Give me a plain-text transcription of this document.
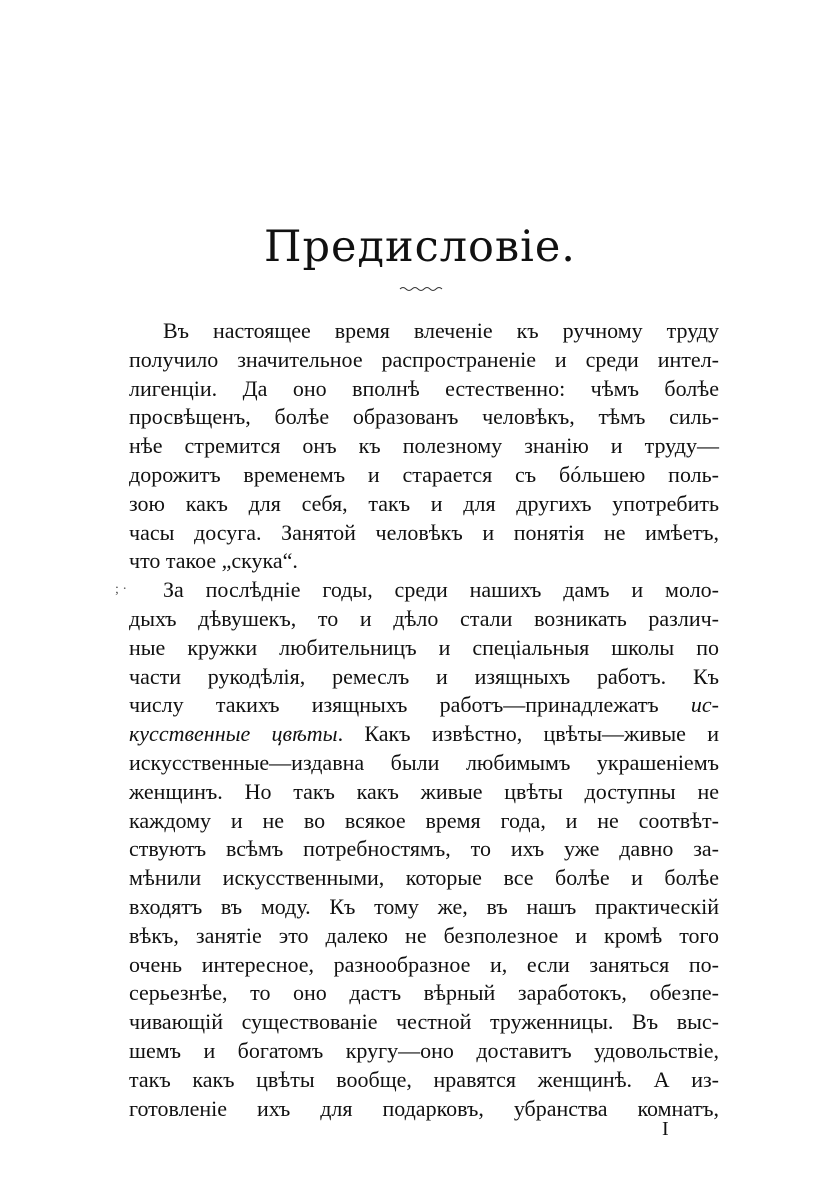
Предисловіе.
Въ настоящее время влеченіе къ ручному труду
получило значительное распространеніе и среди интел-
лигенціи. Да оно вполнѣ естественно: чѣмъ болѣе
просвѣщенъ, болѣе образованъ человѣкъ, тѣмъ силь-
нѣе стремится онъ къ полезному знанію и труду—
дорожитъ временемъ и старается съ бóльшею поль-
зою какъ для себя, такъ и для другихъ употребить
часы досуга. Занятой человѣкъ и понятія не имѣетъ,
что такое „скука“.
; · За послѣдніе годы, среди нашихъ дамъ и моло-
дыхъ дѣвушекъ, то и дѣло стали возникать различ-
ные кружки любительницъ и спеціальныя школы по
части рукодѣлія, ремеслъ и изящныхъ работъ. Къ
числу такихъ изящныхъ работъ—принадлежатъ ис-
кусственные цвѣты. Какъ извѣстно, цвѣты—живые и
искусственные—издавна были любимымъ украшеніемъ
женщинъ. Но такъ какъ живые цвѣты доступны не
каждому и не во всякое время года, и не соотвѣт-
ствуютъ всѣмъ потребностямъ, то ихъ уже давно за-
мѣнили искусственными, которые все болѣе и болѣе
входятъ въ моду. Къ тому же, въ нашъ практическій
вѣкъ, занятіе это далеко не безполезное и кромѣ того
очень интересное, разнообразное и, если заняться по-
серьезнѣе, то оно дастъ вѣрный заработокъ, обезпе-
чивающій существованіе честной труженницы. Въ выс-
шемъ и богатомъ кругу—оно доставитъ удовольствіе,
такъ какъ цвѣты вообще, нравятся женщинѣ. А из-
готовленіе ихъ для подарковъ, убранства комнатъ,
I
